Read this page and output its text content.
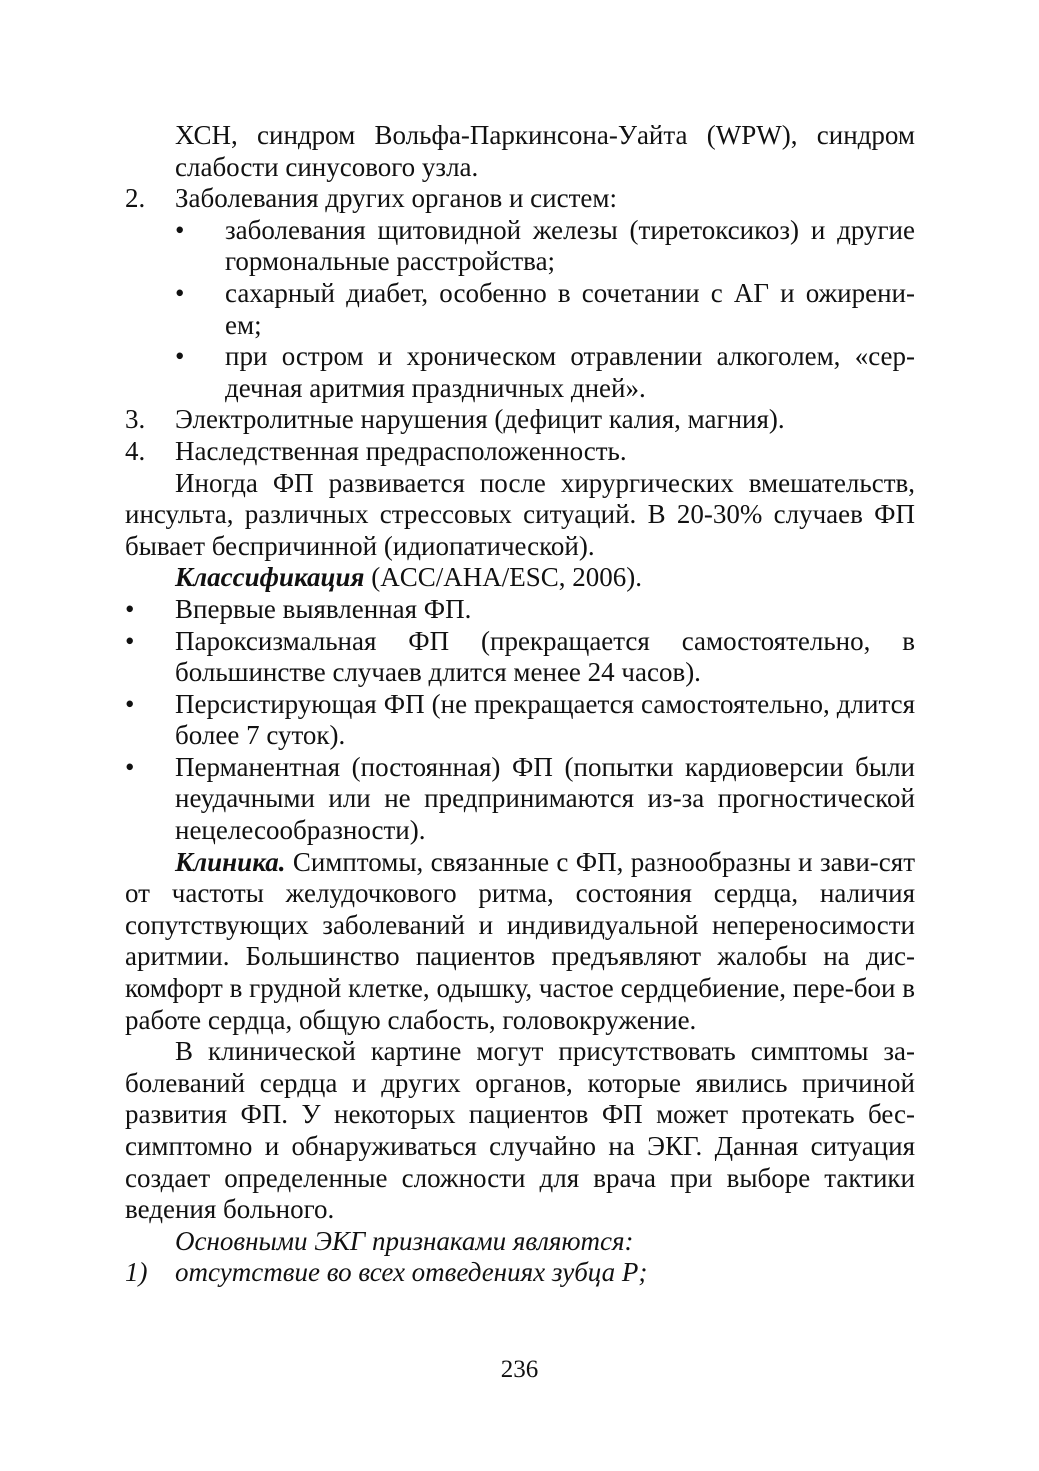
ХСН, синдром Вольфа-Паркинсона-Уайта (WPW), синдром слабости синусового узла.
2. Заболевания других органов и систем:
• заболевания щитовидной железы (тиретоксикоз) и другие гормональные расстройства;
• сахарный диабет, особенно в сочетании с АГ и ожирени-ем;
• при остром и хроническом отравлении алкоголем, «сер-дечная аритмия праздничных дней».
3. Электролитные нарушения (дефицит калия, магния).
4. Наследственная предрасположенность.
Иногда ФП развивается после хирургических вмешательств, инсульта, различных стрессовых ситуаций. В 20-30% случаев ФП бывает беспричинной (идиопатической).
Классификация (ACC/AHA/ESC, 2006).
• Впервые выявленная ФП.
• Пароксизмальная ФП (прекращается самостоятельно, в большинстве случаев длится менее 24 часов).
• Персистирующая ФП (не прекращается самостоятельно, длится более 7 суток).
• Перманентная (постоянная) ФП (попытки кардиоверсии были неудачными или не предпринимаются из-за прогностической нецелесообразности).
Клиника. Симптомы, связанные с ФП, разнообразны и зави-сят от частоты желудочкового ритма, состояния сердца, наличия сопутствующих заболеваний и индивидуальной непереносимости аритмии. Большинство пациентов предъявляют жалобы на дис-комфорт в грудной клетке, одышку, частое сердцебиение, пере-бои в работе сердца, общую слабость, головокружение.
В клинической картине могут присутствовать симптомы за-болеваний сердца и других органов, которые явились причиной развития ФП. У некоторых пациентов ФП может протекать бес-симптомно и обнаруживаться случайно на ЭКГ. Данная ситуация создает определенные сложности для врача при выборе тактики ведения больного.
Основными ЭКГ признаками являются:
1) отсутствие во всех отведениях зубца Р;
236
